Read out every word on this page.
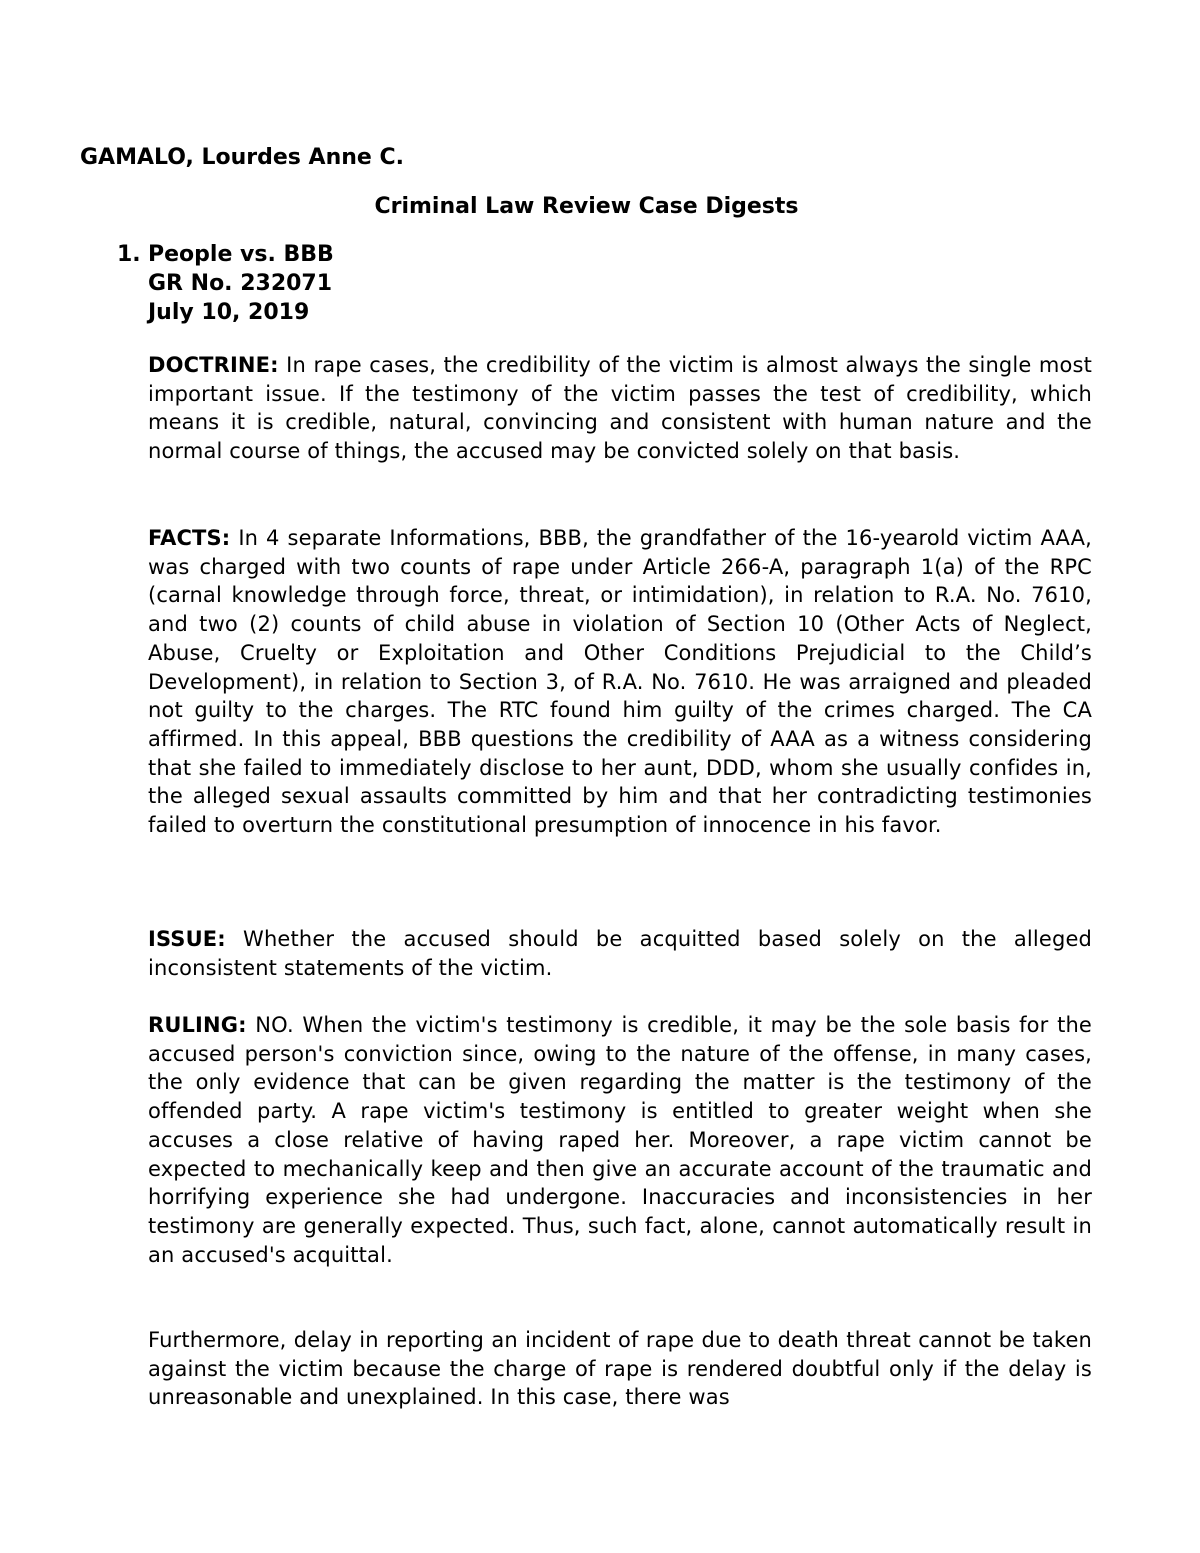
GAMALO, Lourdes Anne C.
Criminal Law Review Case Digests
1. People vs. BBB
GR No. 232071
July 10, 2019
DOCTRINE: In rape cases, the credibility of the victim is almost always the single most important issue. If the testimony of the victim passes the test of credibility, which means it is credible, natural, convincing and consistent with human nature and the normal course of things, the accused may be convicted solely on that basis.
FACTS: In 4 separate Informations, BBB, the grandfather of the 16-yearold victim AAA, was charged with two counts of rape under Article 266-A, paragraph 1(a) of the RPC (carnal knowledge through force, threat, or intimidation), in relation to R.A. No. 7610, and two (2) counts of child abuse in violation of Section 10 (Other Acts of Neglect, Abuse, Cruelty or Exploitation and Other Conditions Prejudicial to the Child’s Development), in relation to Section 3, of R.A. No. 7610. He was arraigned and pleaded not guilty to the charges. The RTC found him guilty of the crimes charged. The CA affirmed. In this appeal, BBB questions the credibility of AAA as a witness considering that she failed to immediately disclose to her aunt, DDD, whom she usually confides in, the alleged sexual assaults committed by him and that her contradicting testimonies failed to overturn the constitutional presumption of innocence in his favor.
ISSUE: Whether the accused should be acquitted based solely on the alleged inconsistent statements of the victim.
RULING: NO. When the victim's testimony is credible, it may be the sole basis for the accused person's conviction since, owing to the nature of the offense, in many cases, the only evidence that can be given regarding the matter is the testimony of the offended party. A rape victim's testimony is entitled to greater weight when she accuses a close relative of having raped her. Moreover, a rape victim cannot be expected to mechanically keep and then give an accurate account of the traumatic and horrifying experience she had undergone. Inaccuracies and inconsistencies in her testimony are generally expected. Thus, such fact, alone, cannot automatically result in an accused's acquittal.
Furthermore, delay in reporting an incident of rape due to death threat cannot be taken against the victim because the charge of rape is rendered doubtful only if the delay is unreasonable and unexplained. In this case, there was
